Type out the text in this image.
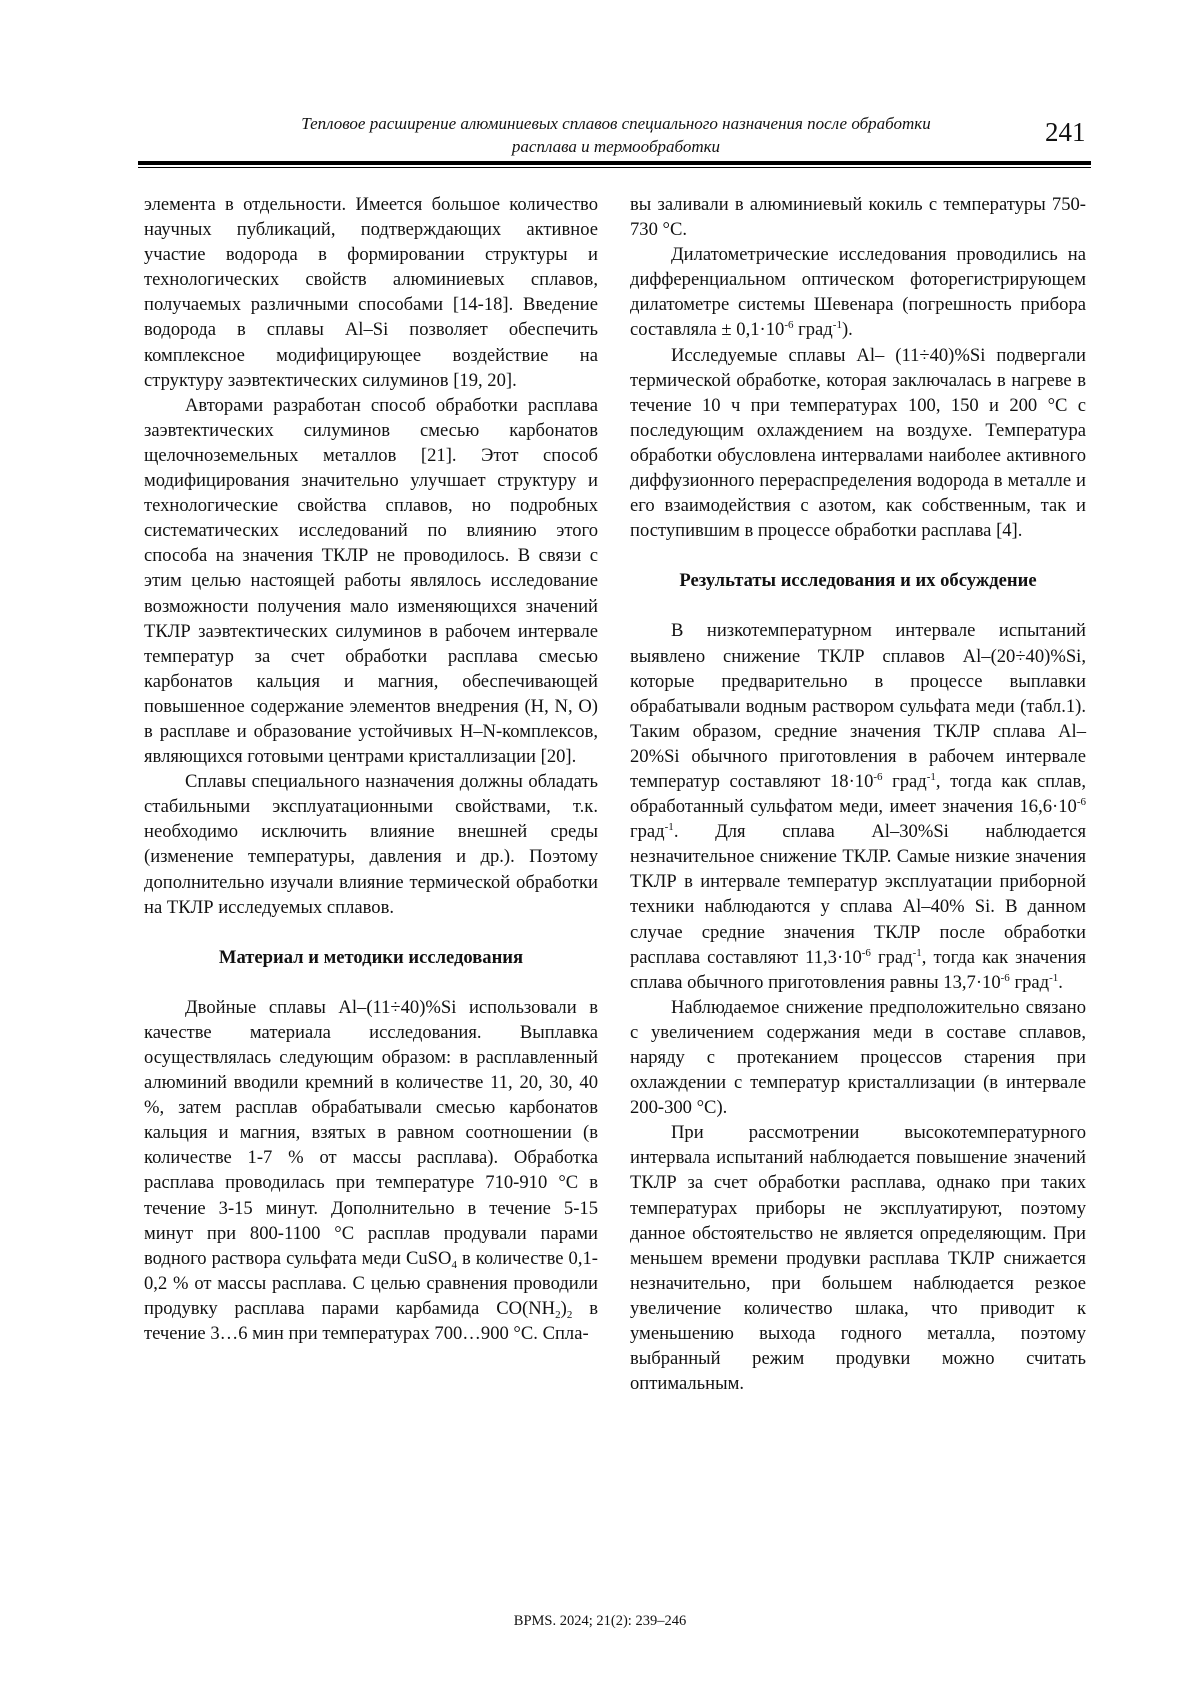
Тепловое расширение алюминиевых сплавов специального назначения после обработки
расплава и термообработки	241

элемента в отдельности. Имеется большое количество научных публикаций, подтверждающих активное участие водорода в формировании структуры и технологических свойств алюминиевых сплавов, получаемых различными способами [14-18]. Введение водорода в сплавы Al–Si позволяет обеспечить комплексное модифицирующее воздействие на структуру заэвтектических силуминов [19, 20].

Авторами разработан способ обработки расплава заэвтектических силуминов смесью карбонатов щелочноземельных металлов [21]. Этот способ модифицирования значительно улучшает структуру и технологические свойства сплавов, но подробных систематических исследований по влиянию этого способа на значения ТКЛР не проводилось. В связи с этим целью настоящей работы являлось исследование возможности получения мало изменяющихся значений ТКЛР заэвтектических силуминов в рабочем интервале температур за счет обработки расплава смесью карбонатов кальция и магния, обеспечивающей повышенное содержание элементов внедрения (H, N, O) в расплаве и образование устойчивых H–N-комплексов, являющихся готовыми центрами кристаллизации [20].

Сплавы специального назначения должны обладать стабильными эксплуатационными свойствами, т.к. необходимо исключить влияние внешней среды (изменение температуры, давления и др.). Поэтому дополнительно изучали влияние термической обработки на ТКЛР исследуемых сплавов.

Материал и методики исследования

Двойные сплавы Al–(11÷40)%Si использовали в качестве материала исследования. Выплавка осуществлялась следующим образом: в расплавленный алюминий вводили кремний в количестве 11, 20, 30, 40 %, затем расплав обрабатывали смесью карбонатов кальция и магния, взятых в равном соотношении (в количестве 1-7 % от массы расплава). Обработка расплава проводилась при температуре 710-910 °С в течение 3-15 минут. Дополнительно в течение 5-15 минут при 800-1100 °С расплав продували парами водного раствора сульфата меди CuSO$_4$ в количестве 0,1-0,2 % от массы расплава. С целью сравнения проводили продувку расплава парами карбамида $CO(NH_2)_2$ в течение 3…6 мин при температурах 700…900 °С. Спла-

вы заливали в алюминиевый кокиль с температуры 750-730 °С.

Дилатометрические исследования проводились на дифференциальном оптическом фоторегистрирующем дилатометре системы Шевенара (погрешность прибора составляла ± $0,1\cdot 10^{-6}$ град$^{-1}$).

Исследуемые сплавы Al– (11÷40)%Si подвергали термической обработке, которая заключалась в нагреве в течение 10 ч при температурах 100, 150 и 200 °С с последующим охлаждением на воздухе. Температура обработки обусловлена интервалами наиболее активного диффузионного перераспределения водорода в металле и его взаимодействия с азотом, как собственным, так и поступившим в процессе обработки расплава [4].

Результаты исследования и их обсуждение

В низкотемпературном интервале испытаний выявлено снижение ТКЛР сплавов Al–(20÷40)%Si, которые предварительно в процессе выплавки обрабатывали водным раствором сульфата меди (табл.1). Таким образом, средние значения ТКЛР сплава Al–20%Si обычного приготовления в рабочем интервале температур составляют $18\cdot 10^{-6}$ град$^{-1}$, тогда как сплав, обработанный сульфатом меди, имеет значения $16,6\cdot 10^{-6}$ град$^{-1}$. Для сплава Al–30%Si наблюдается незначительное снижение ТКЛР. Самые низкие значения ТКЛР в интервале температур эксплуатации приборной техники наблюдаются у сплава Al–40% Si. В данном случае средние значения ТКЛР после обработки расплава составляют $11,3\cdot 10^{-6}$ град$^{-1}$, тогда как значения сплава обычного приготовления равны $13,7\cdot 10^{-6}$ град$^{-1}$.

Наблюдаемое снижение предположительно связано с увеличением содержания меди в составе сплавов, наряду с протеканием процессов старения при охлаждении с температур кристаллизации (в интервале 200-300 °С).

При рассмотрении высокотемпературного интервала испытаний наблюдается повышение значений ТКЛР за счет обработки расплава, однако при таких температурах приборы не эксплуатируют, поэтому данное обстоятельство не является определяющим. При меньшем времени продувки расплава ТКЛР снижается незначительно, при большем наблюдается резкое увеличение количество шлака, что приводит к уменьшению выхода годного металла, поэтому выбранный режим продувки можно считать оптимальным.

BPMS. 2024; 21(2): 239–246
